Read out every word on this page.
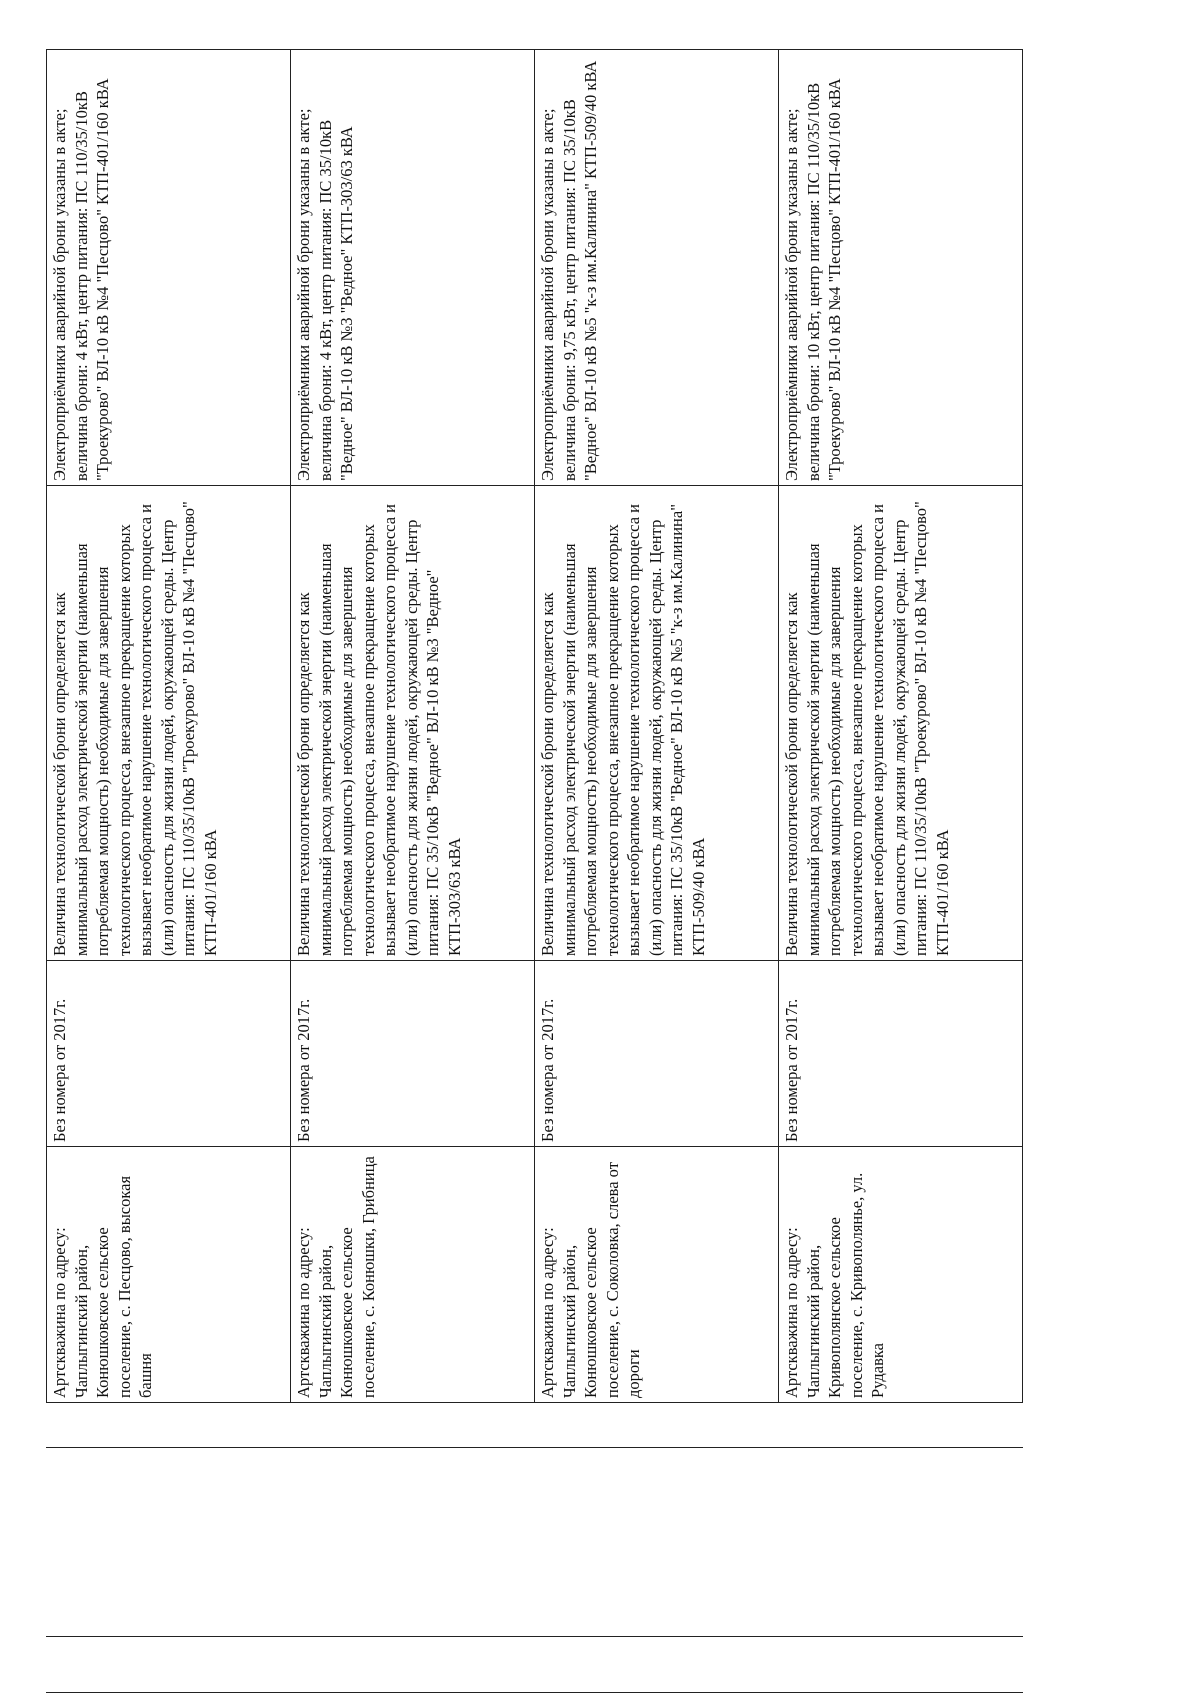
Артскважина по адресу: Чаплыгинский район, Конюшковское сельское поселение, с. Песцово, высокая башня	Без номера от 2017г.	Величина технологической брони определяется как минимальный расход электрической энергии (наименьшая потребляемая мощность) необходимые для завершения технологического процесса, внезапное прекращение которых вызывает необратимое нарушение технологического процесса и (или) опасность для жизни людей, окружающей среды. Центр питания: ПС 110/35/10кВ "Троекурово" ВЛ-10 кВ №4 "Песцово" КТП-401/160 кВА	Электроприёмники аварийной брони указаны в акте; величина брони: 4 кВт, центр питания: ПС 110/35/10кВ "Троекурово" ВЛ-10 кВ №4 "Песцово" КТП-401/160 кВА
Артскважина по адресу: Чаплыгинский район, Конюшковское сельское поселение, с. Конюшки, Грибница	Без номера от 2017г.	Величина технологической брони определяется как минимальный расход электрической энергии (наименьшая потребляемая мощность) необходимые для завершения технологического процесса, внезапное прекращение которых вызывает необратимое нарушение технологического процесса и (или) опасность для жизни людей, окружающей среды. Центр питания: ПС 35/10кВ "Ведное" ВЛ-10 кВ №3 "Ведное" КТП-303/63 кВА	Электроприёмники аварийной брони указаны в акте; величина брони: 4 кВт, центр питания: ПС 35/10кВ "Ведное" ВЛ-10 кВ №3 "Ведное" КТП-303/63 кВА
Артскважина по адресу: Чаплыгинский район, Конюшковское сельское поселение, с. Соколовка, слева от дороги	Без номера от 2017г.	Величина технологической брони определяется как минимальный расход электрической энергии (наименьшая потребляемая мощность) необходимые для завершения технологического процесса, внезапное прекращение которых вызывает необратимое нарушение технологического процесса и (или) опасность для жизни людей, окружающей среды. Центр питания: ПС 35/10кВ "Ведное" ВЛ-10 кВ №5 "к-з им.Калинина" КТП-509/40 кВА	Электроприёмники аварийной брони указаны в акте; величина брони: 9,75 кВт, центр питания: ПС 35/10кВ "Ведное" ВЛ-10 кВ №5 "к-з им.Калинина" КТП-509/40 кВА
Артскважина по адресу: Чаплыгинский район, Кривополянское сельское поселение, с. Кривополянье, ул. Рудавка	Без номера от 2017г.	Величина технологической брони определяется как минимальный расход электрической энергии (наименьшая потребляемая мощность) необходимые для завершения технологического процесса, внезапное прекращение которых вызывает необратимое нарушение технологического процесса и (или) опасность для жизни людей, окружающей среды. Центр питания: ПС 110/35/10кВ "Троекурово" ВЛ-10 кВ №4 "Песцово" КТП-401/160 кВА	Электроприёмники аварийной брони указаны в акте; величина брони: 10 кВт, центр питания: ПС 110/35/10кВ "Троекурово" ВЛ-10 кВ №4 "Песцово" КТП-401/160 кВА
